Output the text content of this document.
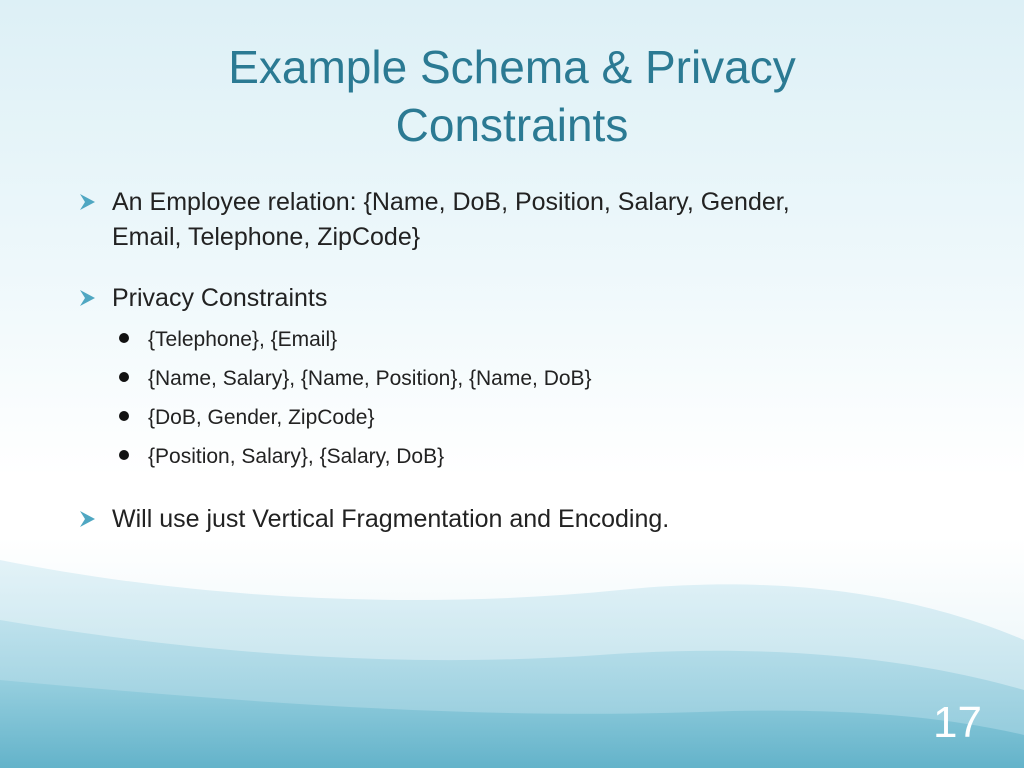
Example Schema & Privacy
Constraints
An Employee relation: {Name, DoB, Position, Salary, Gender,
Email, Telephone, ZipCode}
Privacy Constraints
{Telephone}, {Email}
{Name, Salary}, {Name, Position}, {Name, DoB}
{DoB, Gender, ZipCode}
{Position, Salary}, {Salary, DoB}
Will use just Vertical Fragmentation and Encoding.
17
